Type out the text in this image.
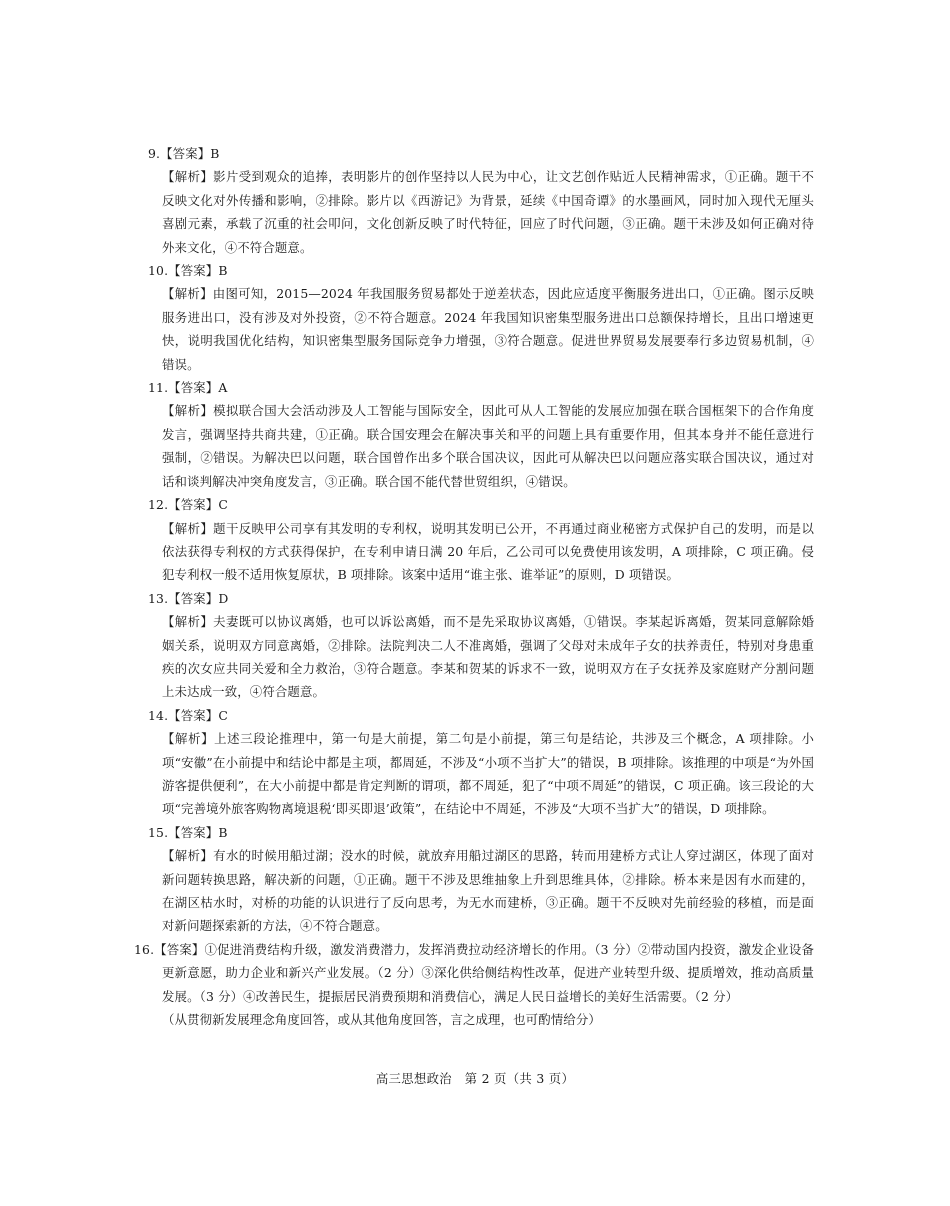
9.【答案】B
【解析】影片受到观众的追捧，表明影片的创作坚持以人民为中心，让文艺创作贴近人民精神需求，①正确。题干不反映文化对外传播和影响，②排除。影片以《西游记》为背景，延续《中国奇谭》的水墨画风，同时加入现代无厘头喜剧元素，承载了沉重的社会叩问，文化创新反映了时代特征，回应了时代问题，③正确。题干未涉及如何正确对待外来文化，④不符合题意。
10.【答案】B
【解析】由图可知，2015—2024 年我国服务贸易都处于逆差状态，因此应适度平衡服务进出口，①正确。图示反映服务进出口，没有涉及对外投资，②不符合题意。2024 年我国知识密集型服务进出口总额保持增长，且出口增速更快，说明我国优化结构，知识密集型服务国际竞争力增强，③符合题意。促进世界贸易发展要奉行多边贸易机制，④错误。
11.【答案】A
【解析】模拟联合国大会活动涉及人工智能与国际安全，因此可从人工智能的发展应加强在联合国框架下的合作角度发言，强调坚持共商共建，①正确。联合国安理会在解决事关和平的问题上具有重要作用，但其本身并不能任意进行强制，②错误。为解决巴以问题，联合国曾作出多个联合国决议，因此可从解决巴以问题应落实联合国决议，通过对话和谈判解决冲突角度发言，③正确。联合国不能代替世贸组织，④错误。
12.【答案】C
【解析】题干反映甲公司享有其发明的专利权，说明其发明已公开，不再通过商业秘密方式保护自己的发明，而是以依法获得专利权的方式获得保护，在专利申请日满 20 年后，乙公司可以免费使用该发明，A 项排除，C 项正确。侵犯专利权一般不适用恢复原状，B 项排除。该案中适用“谁主张、谁举证”的原则，D 项错误。
13.【答案】D
【解析】夫妻既可以协议离婚，也可以诉讼离婚，而不是先采取协议离婚，①错误。李某起诉离婚，贺某同意解除婚姻关系，说明双方同意离婚，②排除。法院判决二人不准离婚，强调了父母对未成年子女的扶养责任，特别对身患重疾的次女应共同关爱和全力救治，③符合题意。李某和贺某的诉求不一致，说明双方在子女抚养及家庭财产分割问题上未达成一致，④符合题意。
14.【答案】C
【解析】上述三段论推理中，第一句是大前提，第二句是小前提，第三句是结论，共涉及三个概念，A 项排除。小项“安徽”在小前提中和结论中都是主项，都周延，不涉及“小项不当扩大”的错误，B 项排除。该推理的中项是“为外国游客提供便利”，在大小前提中都是肯定判断的谓项，都不周延，犯了“中项不周延”的错误，C 项正确。该三段论的大项“完善境外旅客购物离境退税‘即买即退’政策”，在结论中不周延，不涉及“大项不当扩大”的错误，D 项排除。
15.【答案】B
【解析】有水的时候用船过湖；没水的时候，就放弃用船过湖区的思路，转而用建桥方式让人穿过湖区，体现了面对新问题转换思路，解决新的问题，①正确。题干不涉及思维抽象上升到思维具体，②排除。桥本来是因有水而建的，在湖区枯水时，对桥的功能的认识进行了反向思考，为无水而建桥，③正确。题干不反映对先前经验的移植，而是面对新问题探索新的方法，④不符合题意。
16.【答案】①促进消费结构升级，激发消费潜力，发挥消费拉动经济增长的作用。（3 分）②带动国内投资，激发企业设备更新意愿，助力企业和新兴产业发展。（2 分）③深化供给侧结构性改革，促进产业转型升级、提质增效，推动高质量发展。（3 分）④改善民生，提振居民消费预期和消费信心，满足人民日益增长的美好生活需要。（2 分）
（从贯彻新发展理念角度回答，或从其他角度回答，言之成理，也可酌情给分）
高三思想政治　第 2 页（共 3 页）
